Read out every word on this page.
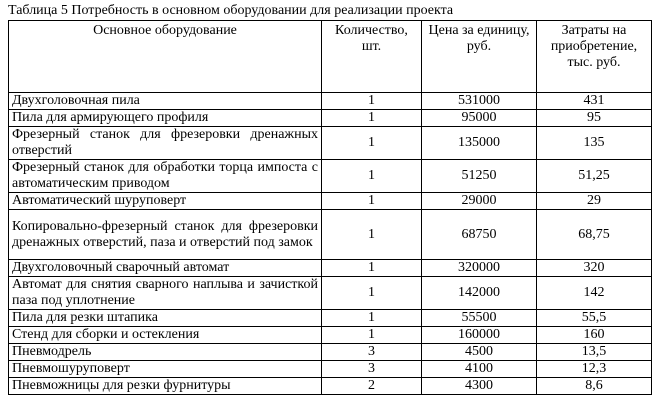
Таблица 5 Потребность в основном оборудовании для реализации проекта
Основное оборудование	Количество, шт.	Цена за единицу, руб.	Затраты на приобретение, тыс. руб.
Двухголовочная пила	1	531000	431
Пила для армирующего профиля	1	95000	95
Фрезерный станок для фрезеровки дренажных отверстий	1	135000	135
Фрезерный станок для обработки торца импоста с автоматическим приводом	1	51250	51,25
Автоматический шуруповерт	1	29000	29
Копировально-фрезерный станок для фрезеровки дренажных отверстий, паза и отверстий под замок	1	68750	68,75
Двухголовочный сварочный автомат	1	320000	320
Автомат для снятия сварного наплыва и зачисткой паза под уплотнение	1	142000	142
Пила для резки штапика	1	55500	55,5
Стенд для сборки и остекления	1	160000	160
Пневмодрель	3	4500	13,5
Пневмошуруповерт	3	4100	12,3
Пневможницы для резки фурнитуры	2	4300	8,6
